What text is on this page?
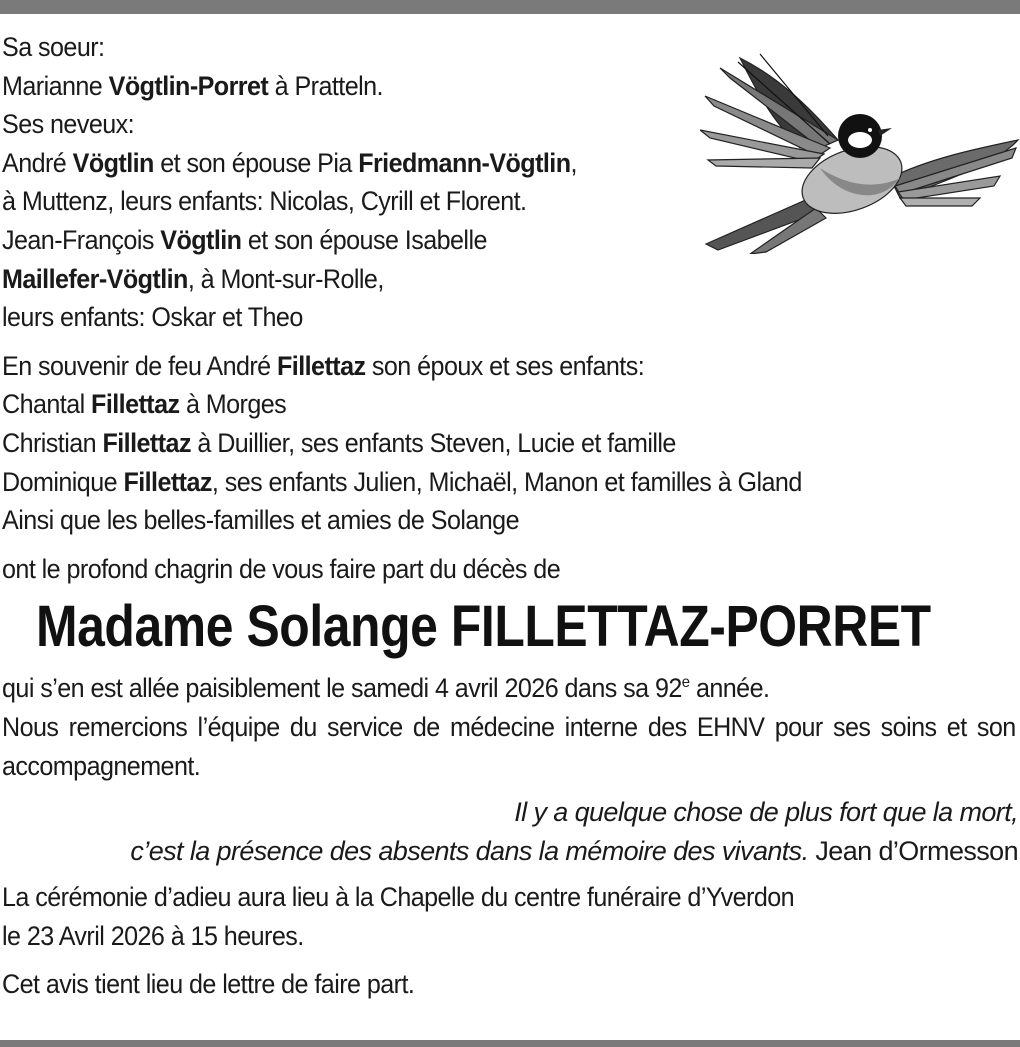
Sa soeur:
Marianne Vögtlin-Porret à Pratteln.
Ses neveux:
André Vögtlin et son épouse Pia Friedmann-Vögtlin,
à Muttenz, leurs enfants: Nicolas, Cyrill et Florent.
Jean-François Vögtlin et son épouse Isabelle
Maillefer-Vögtlin, à Mont-sur-Rolle,
leurs enfants: Oskar et Theo
En souvenir de feu André Fillettaz son époux et ses enfants:
Chantal Fillettaz à Morges
Christian Fillettaz à Duillier, ses enfants Steven, Lucie et famille
Dominique Fillettaz, ses enfants Julien, Michaël, Manon et familles à Gland
Ainsi que les belles-familles et amies de Solange
ont le profond chagrin de vous faire part du décès de
Madame Solange FILLETTAZ-PORRET
qui s’en est allée paisiblement le samedi 4 avril 2026 dans sa 92e année.
Nous remercions l’équipe du service de médecine interne des EHNV pour ses soins et son accompagnement.
Il y a quelque chose de plus fort que la mort,
c’est la présence des absents dans la mémoire des vivants. Jean d’Ormesson
La cérémonie d’adieu aura lieu à la Chapelle du centre funéraire d’Yverdon
le 23 Avril 2026 à 15 heures.
Cet avis tient lieu de lettre de faire part.
